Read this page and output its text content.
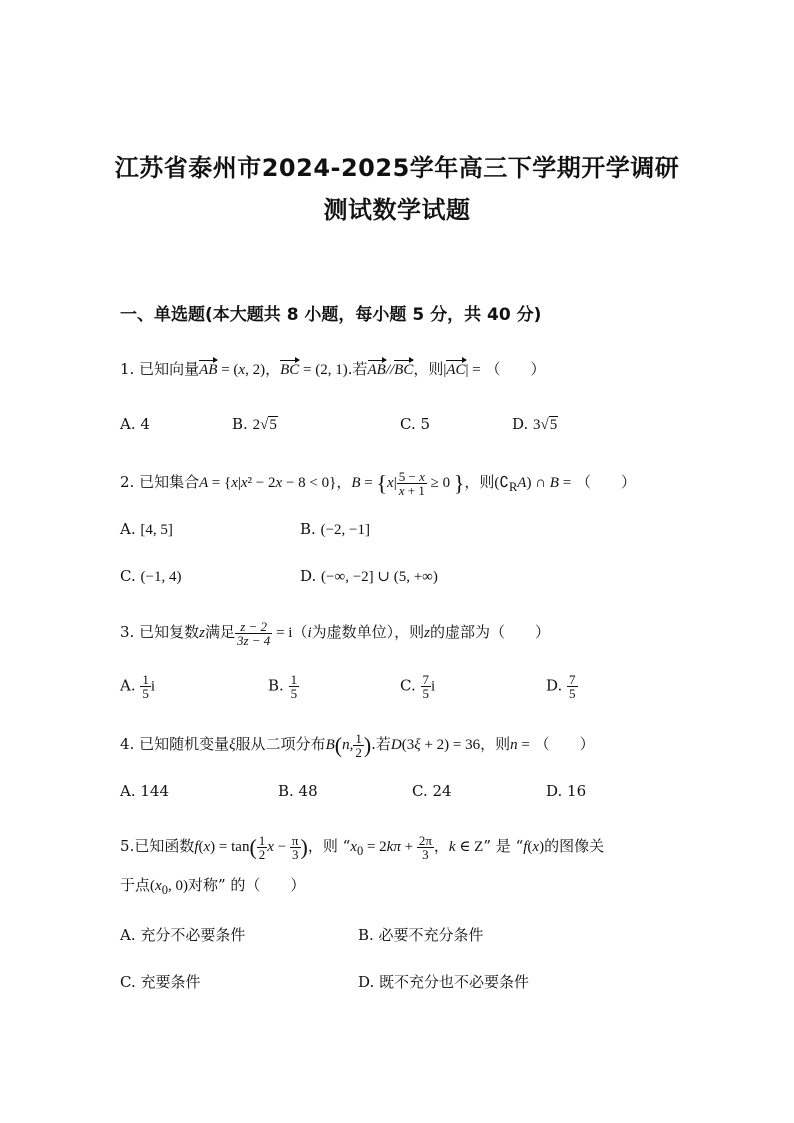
江苏省泰州市2024-2025学年高三下学期开学调研
测试数学试题
一、单选题(本大题共 8 小题，每小题 5 分，共 40 分)
1. 已知向量AB = (x, 2)，BC = (2, 1).若AB//BC，则|AC| = （　　）
A. 4	B. 2√5	C. 5	D. 3√5
2. 已知集合A = {x|x² − 2x − 8 < 0}，$B = \{x| \frac{5 - x}{x + 1} \ge 0$ }，则$(∁_RA)$ ∩ B = （　　）
A. [4, 5]	B. (−2, −1]
C. (−1, 4)	D. (−∞, −2] ∪ (5, +∞)
3. 已知复数z满足 $\frac{z - 2}{3z - 4} = i(i$为虚数单位），则z的虚部为（　　）
A. $\frac{1}{5}$ i	B. $\frac{1}{5}$	C. $\frac{7}{5}$ i	D. $\frac{7}{5}$
4. 已知随机变量ξ服从二项分布B(n, $\frac{1}{2}$ ).若D(3ξ + 2) = 36，则n = （　　）
A. 144	B. 48	C. 24	D. 16
5.已知函数$f(x) = \tan( \frac{1}{2}$ $x - \frac{\pi}{3}$ )，则 “$x_0 = 2k\pi + \frac{2\pi}{3}$ ，k ∈ Z” 是 “f(x)的图像关
于点($x_0$, 0)对称” 的（　　）
A. 充分不必要条件	B. 必要不充分条件
C. 充要条件	D. 既不充分也不必要条件
